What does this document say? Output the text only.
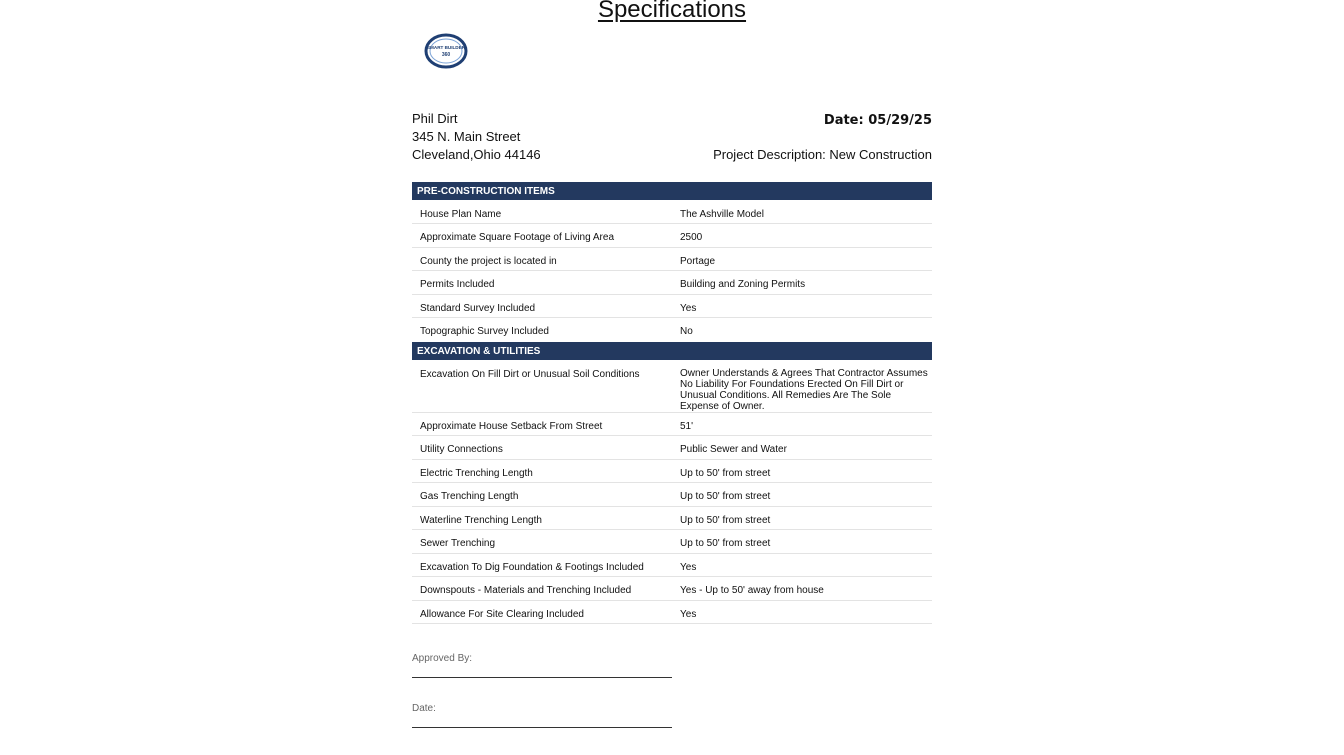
Specifications
SMART BUILDER
360
Phil Dirt
345 N. Main Street
Cleveland,Ohio 44146
Date: 05/29/25
Project Description: New Construction
PRE-CONSTRUCTION ITEMS
House Plan Name	The Ashville Model
Approximate Square Footage of Living Area	2500
County the project is located in	Portage
Permits Included	Building and Zoning Permits
Standard Survey Included	Yes
Topographic Survey Included	No
EXCAVATION & UTILITIES
Excavation On Fill Dirt or Unusual Soil Conditions	Owner Understands & Agrees That Contractor Assumes No Liability For Foundations Erected On Fill Dirt or Unusual Conditions. All Remedies Are The Sole Expense of Owner.
Approximate House Setback From Street	51'
Utility Connections	Public Sewer and Water
Electric Trenching Length	Up to 50' from street
Gas Trenching Length	Up to 50' from street
Waterline Trenching Length	Up to 50' from street
Sewer Trenching	Up to 50' from street
Excavation To Dig Foundation & Footings Included	Yes
Downspouts - Materials and Trenching Included	Yes - Up to 50' away from house
Allowance For Site Clearing Included	Yes
Approved By:
Date:
